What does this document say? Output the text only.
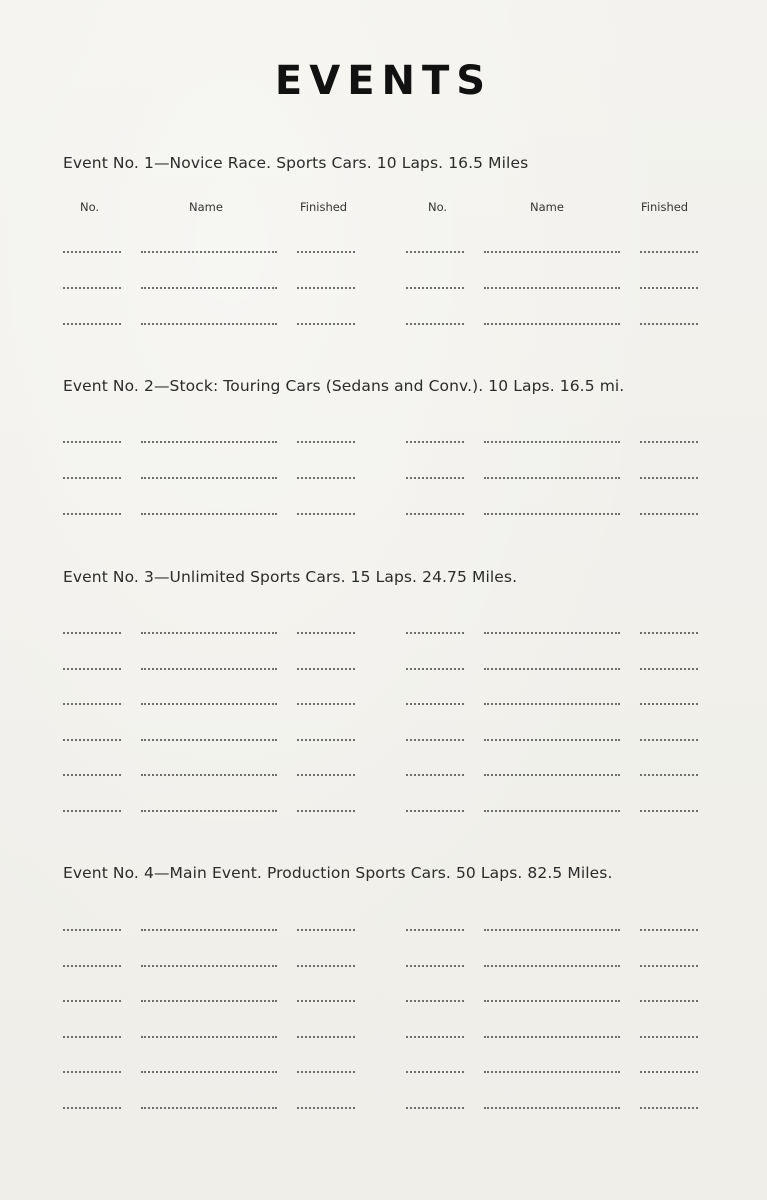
EVENTS
Event No. 1—Novice Race. Sports Cars. 10 Laps. 16.5 Miles
No.	Name	Finished	No.	Name	Finished
Event No. 2—Stock: Touring Cars (Sedans and Conv.). 10 Laps. 16.5 mi.
Event No. 3—Unlimited Sports Cars. 15 Laps. 24.75 Miles.
Event No. 4—Main Event. Production Sports Cars. 50 Laps. 82.5 Miles.
